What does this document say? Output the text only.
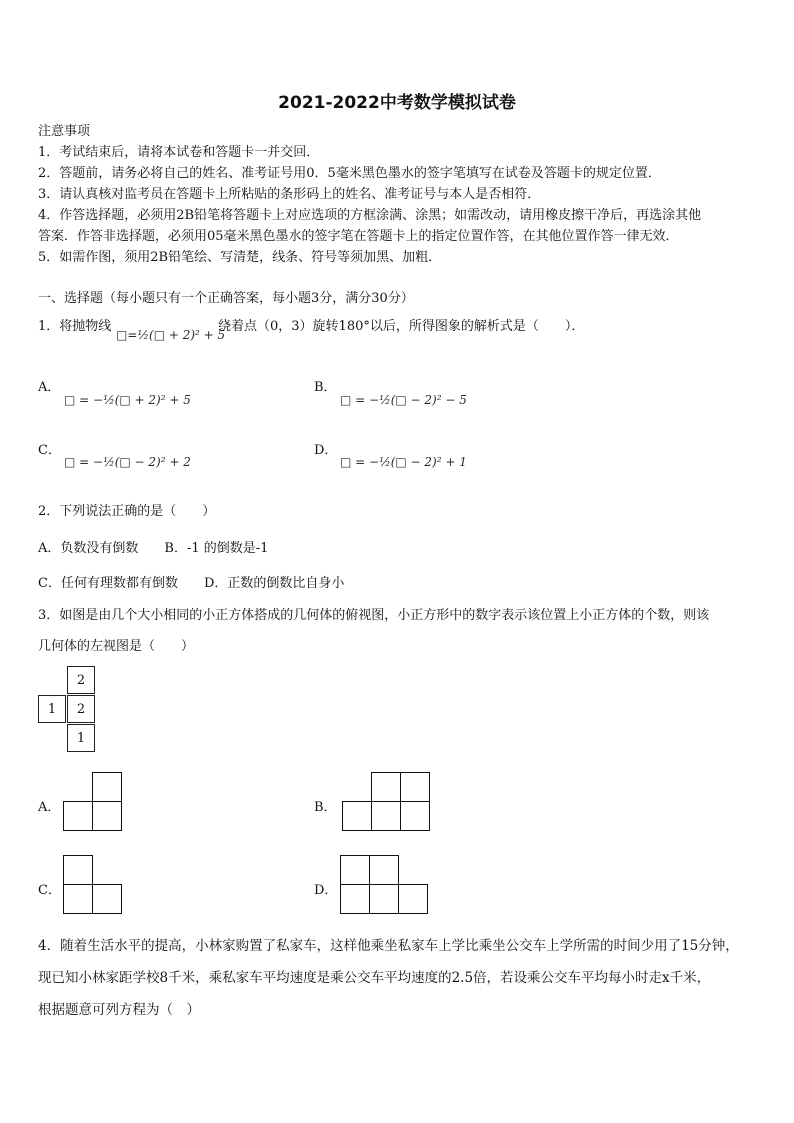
2021-2022中考数学模拟试卷
注意事项
1．考试结束后，请将本试卷和答题卡一并交回．
2．答题前，请务必将自己的姓名、准考证号用0．5毫米黑色墨水的签字笔填写在试卷及答题卡的规定位置．
3．请认真核对监考员在答题卡上所粘贴的条形码上的姓名、准考证号与本人是否相符．
4．作答选择题，必须用2B铅笔将答题卡上对应选项的方框涂满、涂黑；如需改动，请用橡皮擦干净后，再选涂其他
答案．作答非选择题，必须用05毫米黑色墨水的签字笔在答题卡上的指定位置作答，在其他位置作答一律无效．
5．如需作图，须用2B铅笔绘、写清楚，线条、符号等须加黑、加粗．
一、选择题（每小题只有一个正确答案，每小题3分，满分30分）
1．将抛物线
□=½(□ + 2)² + 5
绕着点（0，3）旋转180°以后，所得图象的解析式是（　　）．
A．
□ = −½(□ + 2)² + 5
B．
□ = −½(□ − 2)² − 5
C．
□ = −½(□ − 2)² + 2
D．
□ = −½(□ − 2)² + 1
2．下列说法正确的是（　　）
A．负数没有倒数　　B．-1 的倒数是-1
C．任何有理数都有倒数　　D．正数的倒数比自身小
3．如图是由几个大小相同的小正方体搭成的几何体的俯视图，小正方形中的数字表示该位置上小正方体的个数，则该
几何体的左视图是（　　）
2
1	2
1
A．	B．
C．	D．
4．随着生活水平的提高，小林家购置了私家车，这样他乘坐私家车上学比乘坐公交车上学所需的时间少用了15分钟，
现已知小林家距学校8千米，乘私家车平均速度是乘公交车平均速度的2.5倍，若设乘公交车平均每小时走x千米，
根据题意可列方程为（　）
